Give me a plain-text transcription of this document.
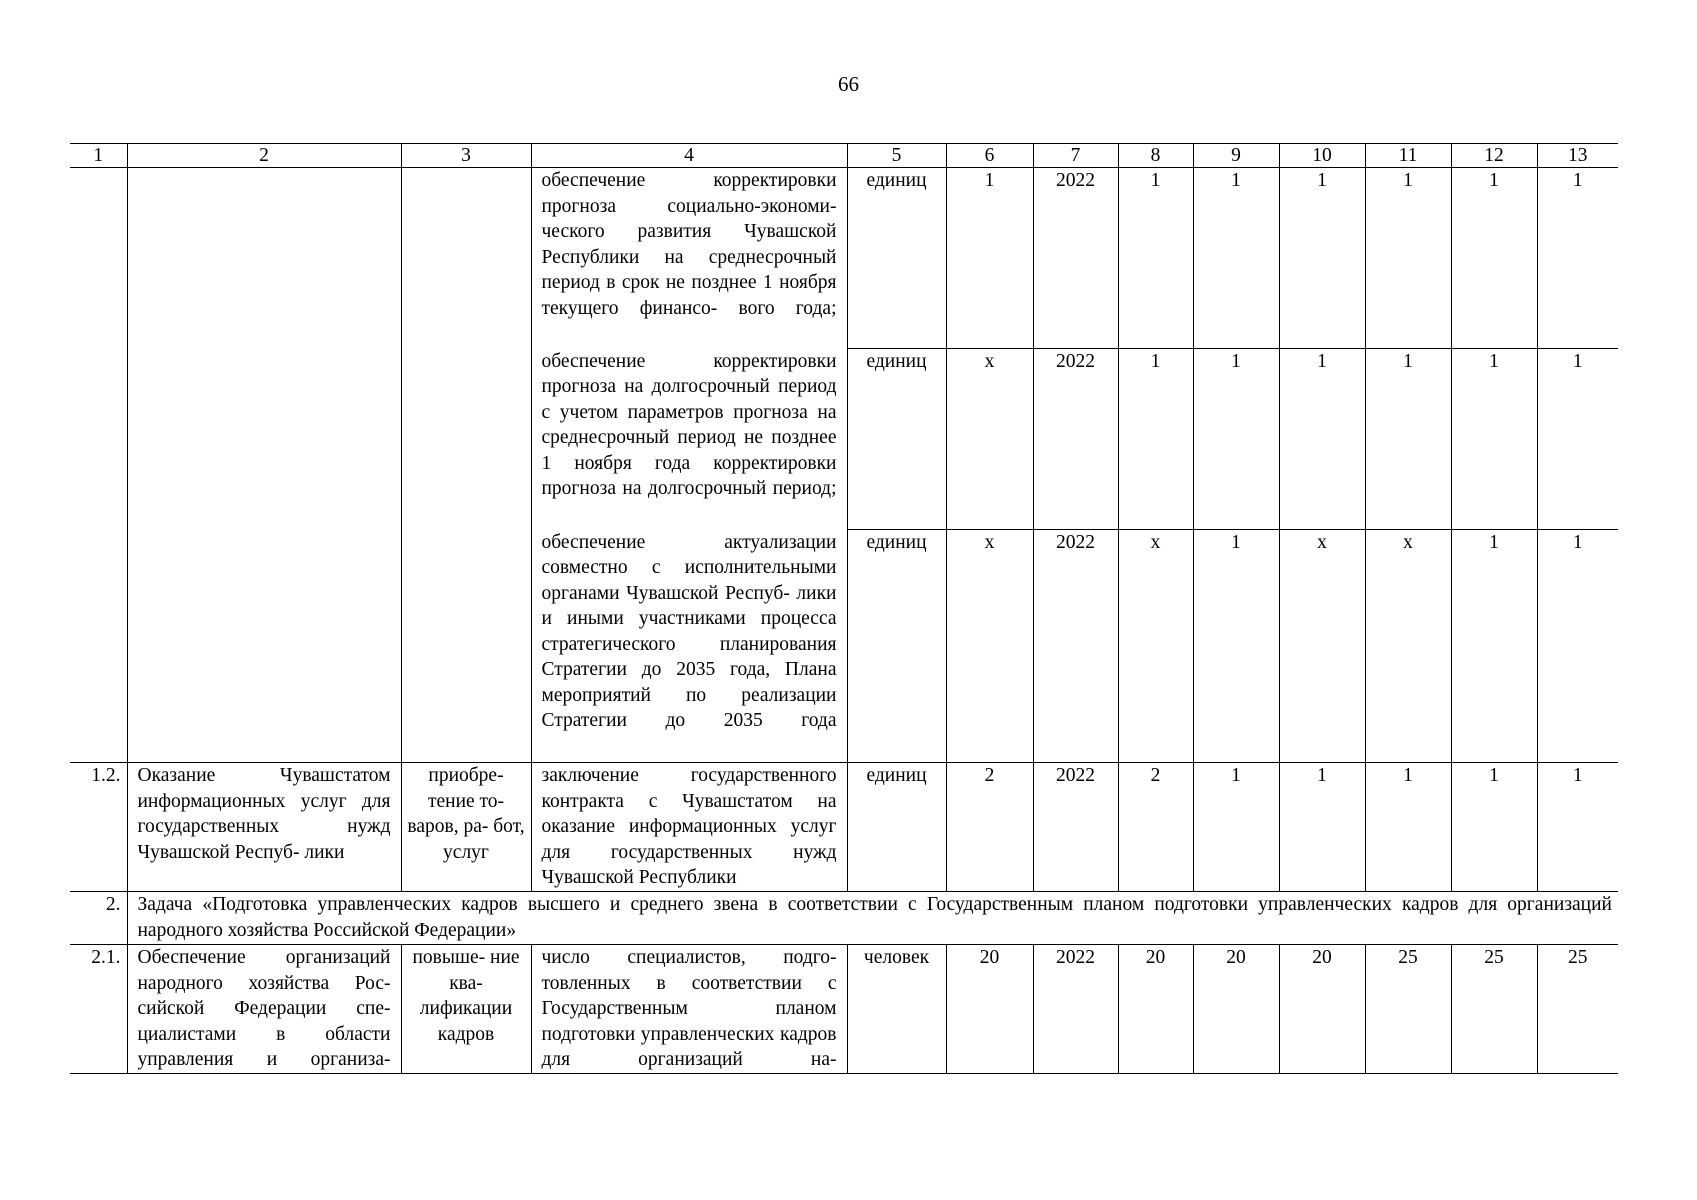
66
1	2	3	4	5	6	7	8	9	10	11	12	13
			обеспечение корректировки прогноза социально-экономи- ческого развития Чувашской Республики на среднесрочный период в срок не позднее 1 ноября текущего финансо- вого года;	единиц	1	2022	1	1	1	1	1	1
			обеспечение корректировки прогноза на долгосрочный период с учетом параметров прогноза на среднесрочный период не позднее 1 ноября года корректировки прогноза на долгосрочный период;	единиц	х	2022	1	1	1	1	1	1
			обеспечение актуализации совместно с исполнительными органами Чувашской Респуб- лики и иными участниками процесса стратегического планирования Стратегии до 2035 года, Плана мероприятий по реализации Стратегии до 2035 года	единиц	х	2022	х	1	х	х	1	1
1.2.	Оказание Чувашстатом информационных услуг для государственных нужд Чувашской Респуб- лики	приобре- тение то- варов, ра- бот, услуг	заключение государственного контракта с Чувашстатом на оказание информационных услуг для государственных нужд Чувашской Республики	единиц	2	2022	2	1	1	1	1	1
2.	Задача «Подготовка управленческих кадров высшего и среднего звена в соответствии с Государственным планом подготовки управленческих кадров для организаций народного хозяйства Российской Федерации»											
2.1.	Обеспечение организаций народного хозяйства Рос- сийской Федерации спе- циалистами в области управления и организа-	повыше- ние ква- лификации кадров	число специалистов, подго- товленных в соответствии с Государственным планом подготовки управленческих кадров для организаций на-	человек	20	2022	20	20	20	25	25	25
